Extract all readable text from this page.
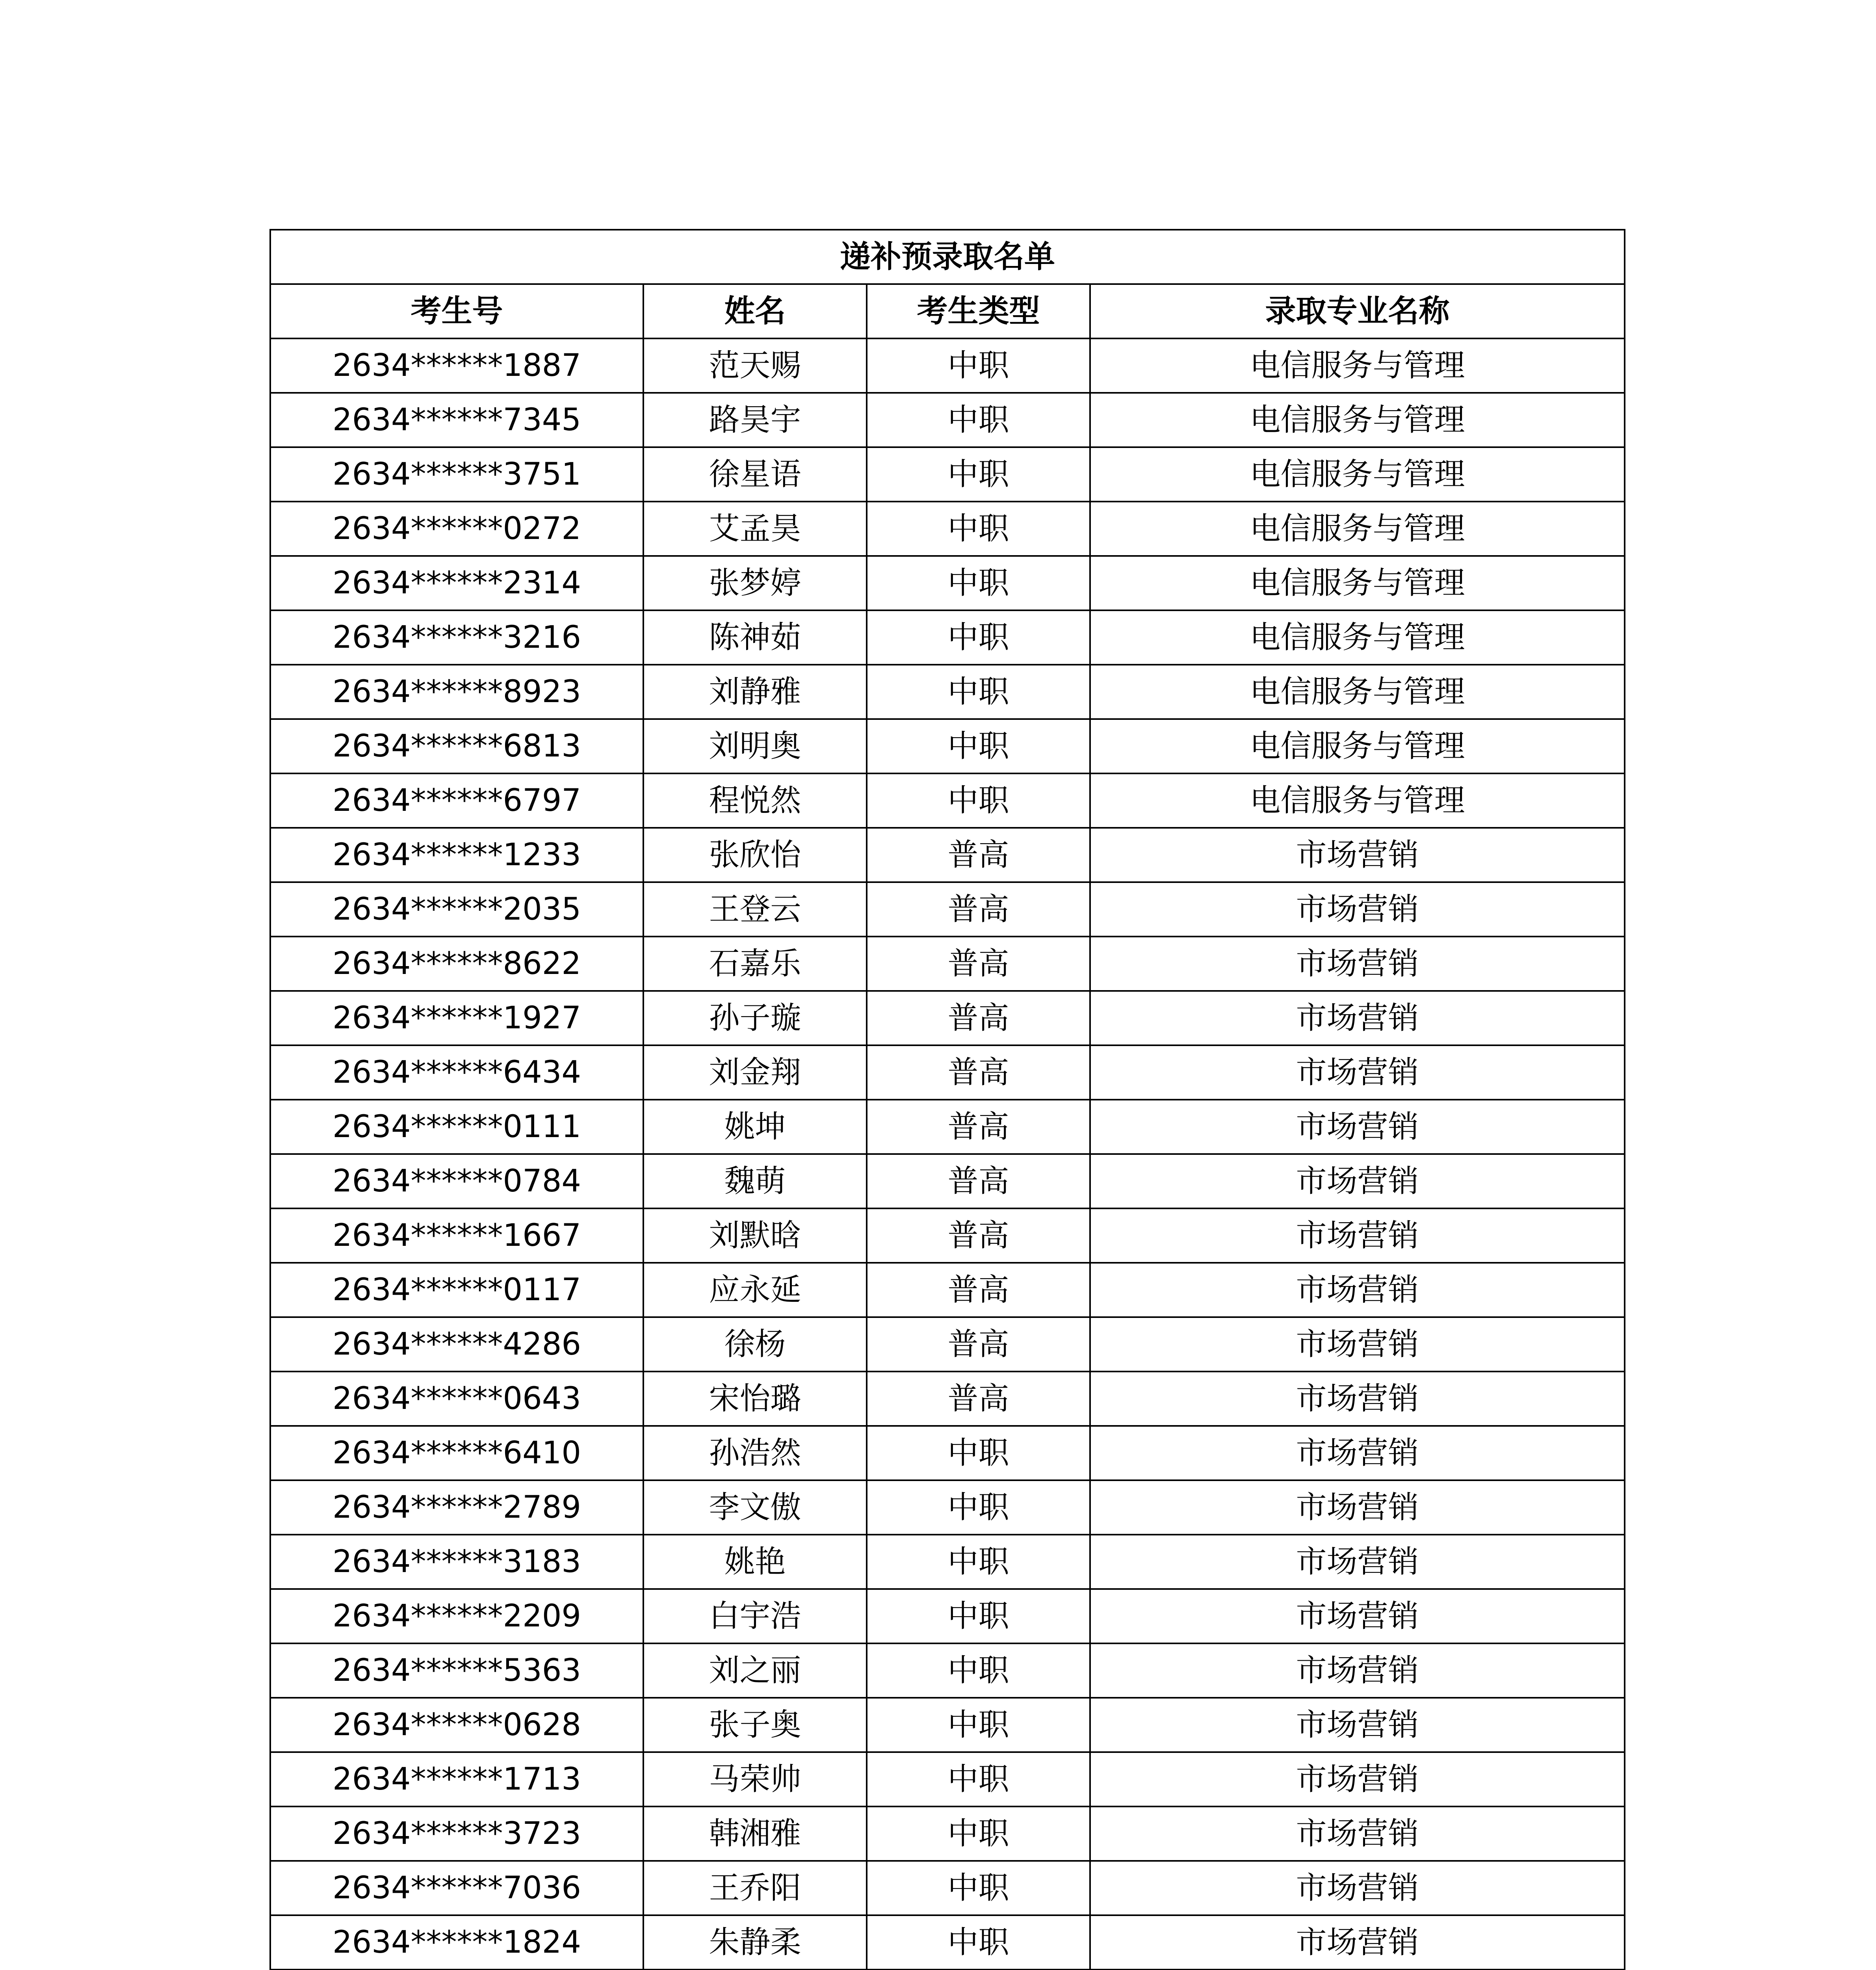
递补预录取名单			
考生号	姓名	考生类型	录取专业名称
2634******1887	范天赐	中职	电信服务与管理
2634******7345	路昊宇	中职	电信服务与管理
2634******3751	徐星语	中职	电信服务与管理
2634******0272	艾孟昊	中职	电信服务与管理
2634******2314	张梦婷	中职	电信服务与管理
2634******3216	陈神茹	中职	电信服务与管理
2634******8923	刘静雅	中职	电信服务与管理
2634******6813	刘明奥	中职	电信服务与管理
2634******6797	程悦然	中职	电信服务与管理
2634******1233	张欣怡	普高	市场营销
2634******2035	王登云	普高	市场营销
2634******8622	石嘉乐	普高	市场营销
2634******1927	孙子璇	普高	市场营销
2634******6434	刘金翔	普高	市场营销
2634******0111	姚坤	普高	市场营销
2634******0784	魏萌	普高	市场营销
2634******1667	刘默晗	普高	市场营销
2634******0117	应永延	普高	市场营销
2634******4286	徐杨	普高	市场营销
2634******0643	宋怡璐	普高	市场营销
2634******6410	孙浩然	中职	市场营销
2634******2789	李文傲	中职	市场营销
2634******3183	姚艳	中职	市场营销
2634******2209	白宇浩	中职	市场营销
2634******5363	刘之丽	中职	市场营销
2634******0628	张子奥	中职	市场营销
2634******1713	马荣帅	中职	市场营销
2634******3723	韩湘雅	中职	市场营销
2634******7036	王乔阳	中职	市场营销
2634******1824	朱静柔	中职	市场营销
